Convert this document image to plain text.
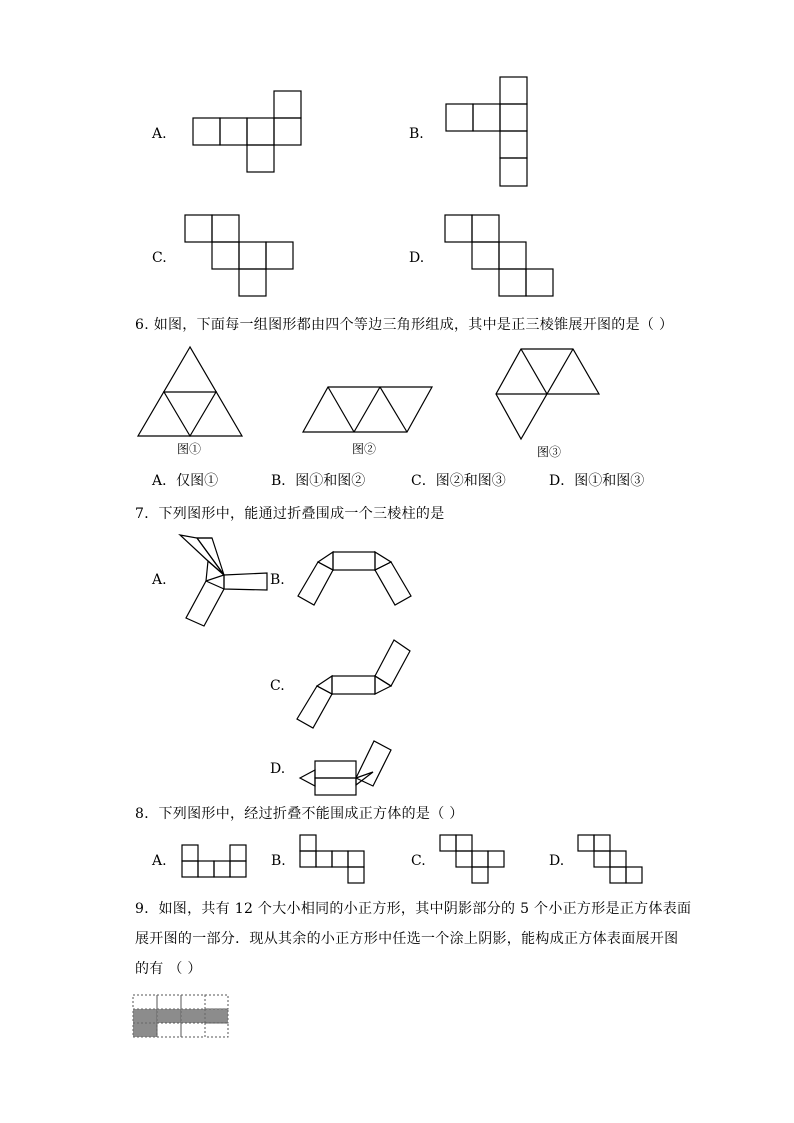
A.	B.
C.	D.
6. 如图，下面每一组图形都由四个等边三角形组成，其中是正三棱锥展开图的是（ ）
图①	图②	图③
A．仅图①	B．图①和图②	C．图②和图③	D．图①和图③
7．下列图形中，能通过折叠围成一个三棱柱的是
A.	B.
C.
D.
8．下列图形中，经过折叠不能围成正方体的是（ ）
A.	B.	C.	D.
9．如图，共有 12 个大小相同的小正方形，其中阴影部分的 5 个小正方形是正方体表面
展开图的一部分．现从其余的小正方形中任选一个涂上阴影，能构成正方体表面展开图
的有 （ ）
